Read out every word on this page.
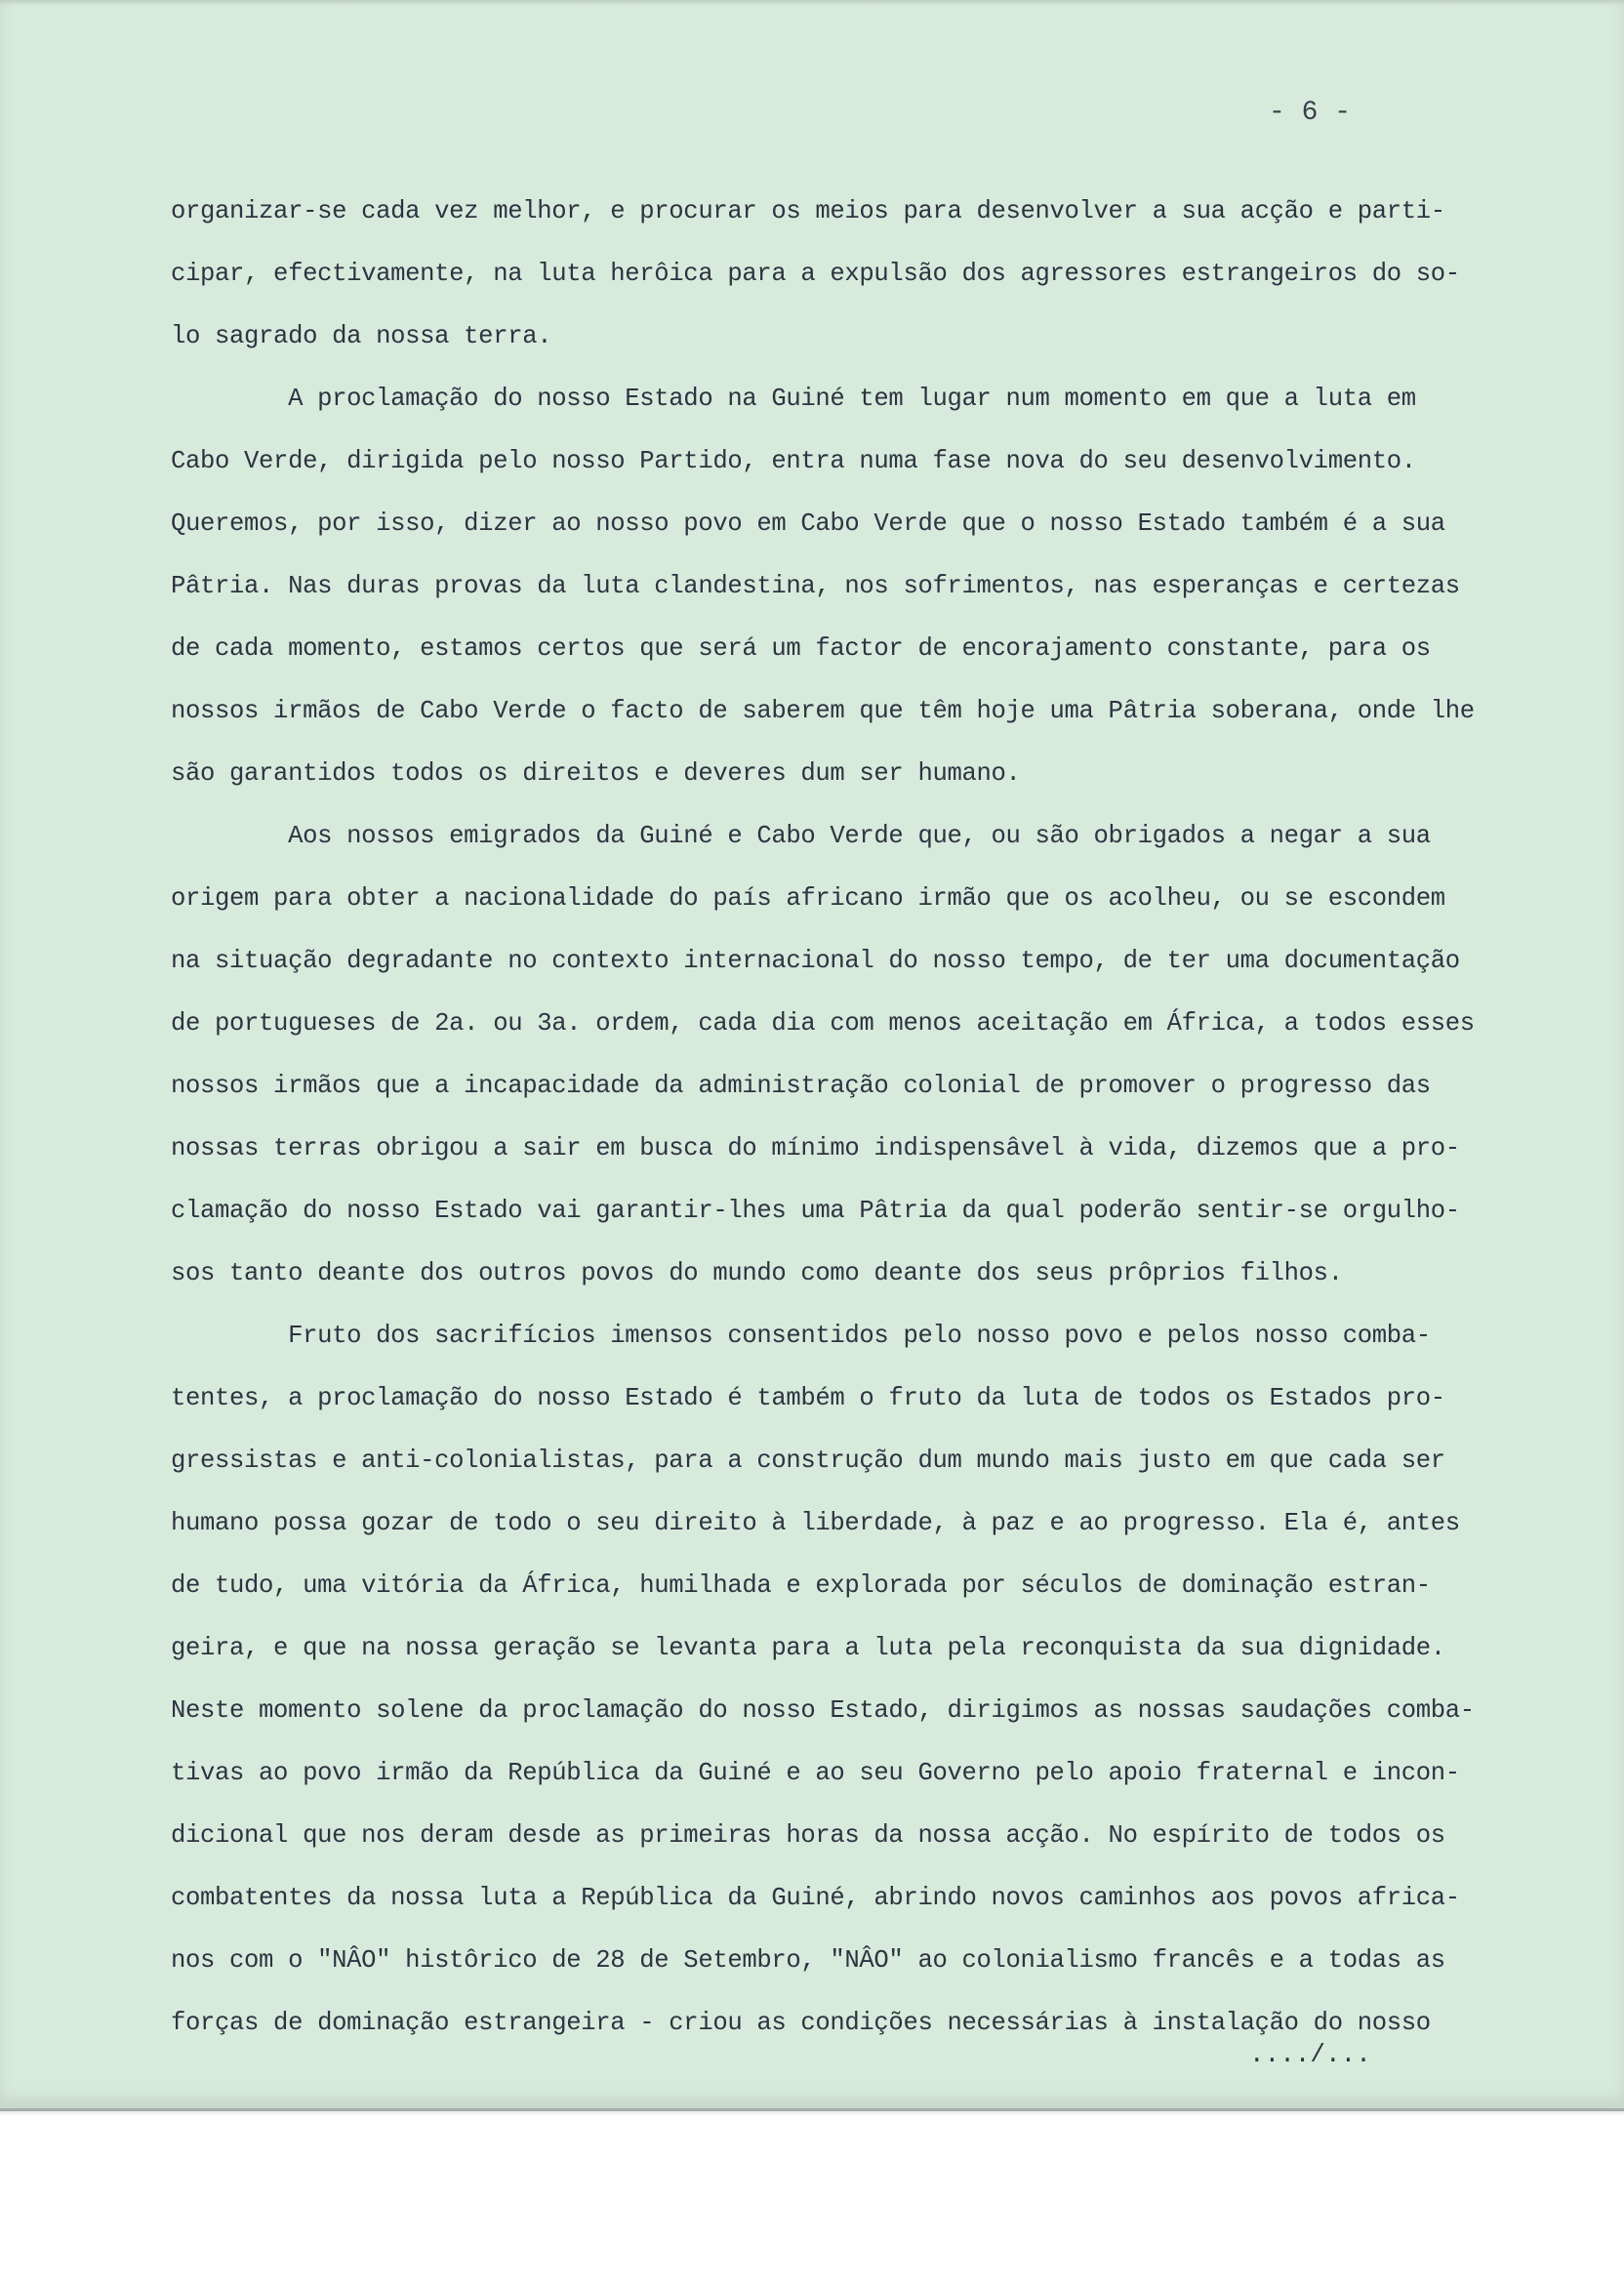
- 6 -
organizar-se cada vez melhor, e procurar os meios para desenvolver a sua acção e parti-
cipar, efectivamente, na luta herôica para a expulsão dos agressores estrangeiros do so-
lo sagrado da nossa terra.
A proclamação do nosso Estado na Guiné tem lugar num momento em que a luta em
Cabo Verde, dirigida pelo nosso Partido, entra numa fase nova do seu desenvolvimento.
Queremos, por isso, dizer ao nosso povo em Cabo Verde que o nosso Estado também é a sua
Pâtria. Nas duras provas da luta clandestina, nos sofrimentos, nas esperanças e certezas
de cada momento, estamos certos que será um factor de encorajamento constante, para os
nossos irmãos de Cabo Verde o facto de saberem que têm hoje uma Pâtria soberana, onde lhe
são garantidos todos os direitos e deveres dum ser humano.
Aos nossos emigrados da Guiné e Cabo Verde que, ou são obrigados a negar a sua
origem para obter a nacionalidade do país africano irmão que os acolheu, ou se escondem
na situação degradante no contexto internacional do nosso tempo, de ter uma documentação
de portugueses de 2a. ou 3a. ordem, cada dia com menos aceitação em África, a todos esses
nossos irmãos que a incapacidade da administração colonial de promover o progresso das
nossas terras obrigou a sair em busca do mínimo indispensâvel à vida, dizemos que a pro-
clamação do nosso Estado vai garantir-lhes uma Pâtria da qual poderão sentir-se orgulho-
sos tanto deante dos outros povos do mundo como deante dos seus prôprios filhos.
Fruto dos sacrifícios imensos consentidos pelo nosso povo e pelos nosso comba-
tentes, a proclamação do nosso Estado é também o fruto da luta de todos os Estados pro-
gressistas e anti-colonialistas, para a construção dum mundo mais justo em que cada ser
humano possa gozar de todo o seu direito à liberdade, à paz e ao progresso. Ela é, antes
de tudo, uma vitória da África, humilhada e explorada por séculos de dominação estran-
geira, e que na nossa geração se levanta para a luta pela reconquista da sua dignidade.
Neste momento solene da proclamação do nosso Estado, dirigimos as nossas saudações comba-
tivas ao povo irmão da República da Guiné e ao seu Governo pelo apoio fraternal e incon-
dicional que nos deram desde as primeiras horas da nossa acção. No espírito de todos os
combatentes da nossa luta a República da Guiné, abrindo novos caminhos aos povos africa-
nos com o "NÂO" histôrico de 28 de Setembro, "NÂO" ao colonialismo francês e a todas as
forças de dominação estrangeira - criou as condições necessárias à instalação do nosso
..../...
